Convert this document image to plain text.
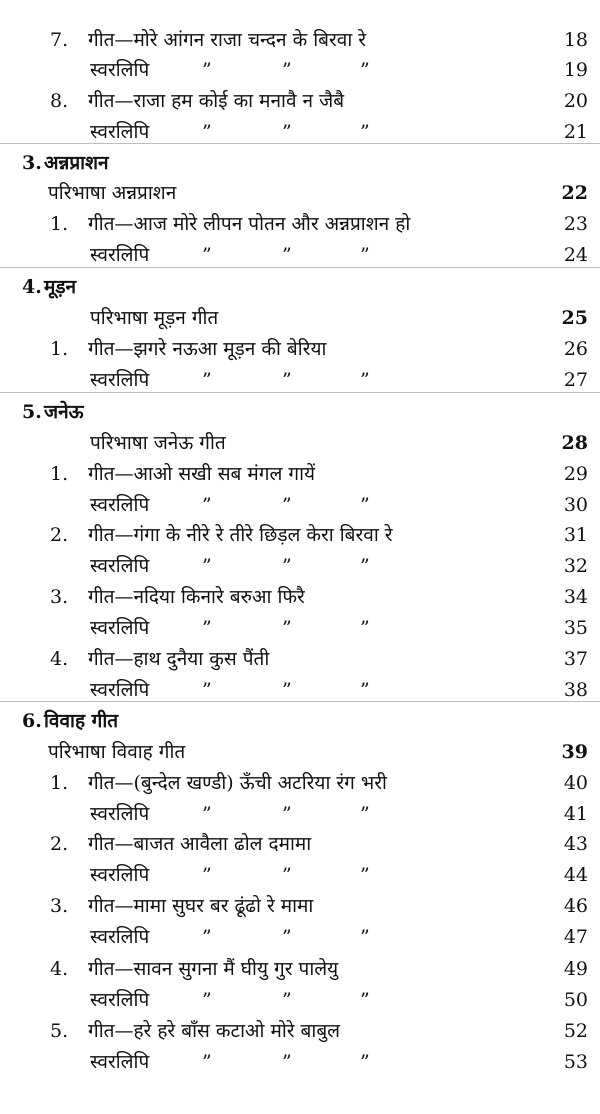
7. गीत—मोरे आंगन राजा चन्दन के बिरवा रे	18
स्वरलिपि	”	”	”	19
8. गीत—राजा हम कोई का मनावै न जैबै	20
स्वरलिपि	”	”	”	21
3. अन्नप्राशन
परिभाषा अन्नप्राशन	22
1. गीत—आज मोरे लीपन पोतन और अन्नप्राशन हो	23
स्वरलिपि	”	”	”	24
4. मूड़न
परिभाषा मूड़न गीत	25
1. गीत—झगरे नऊआ मूड़न की बेरिया	26
स्वरलिपि	”	”	”	27
5. जनेऊ
परिभाषा जनेऊ गीत	28
1. गीत—आओ सखी सब मंगल गायें	29
स्वरलिपि	”	”	”	30
2. गीत—गंगा के नीरे रे तीरे छिड़ल केरा बिरवा रे	31
स्वरलिपि	”	”	”	32
3. गीत—नदिया किनारे बरुआ फिरै	34
स्वरलिपि	”	”	”	35
4. गीत—हाथ दुनैया कुस पैंती	37
स्वरलिपि	”	”	”	38
6. विवाह गीत
परिभाषा विवाह गीत	39
1. गीत—(बुन्देल खण्डी) ऊँची अटरिया रंग भरी	40
स्वरलिपि	”	”	”	41
2. गीत—बाजत आवैला ढोल दमामा	43
स्वरलिपि	”	”	”	44
3. गीत—मामा सुघर बर ढूंढो रे मामा	46
स्वरलिपि	”	”	”	47
4. गीत—सावन सुगना मैं घीयु गुर पालेयु	49
स्वरलिपि	”	”	”	50
5. गीत—हरे हरे बाँस कटाओ मोरे बाबुल	52
स्वरलिपि	”	”	”	53
